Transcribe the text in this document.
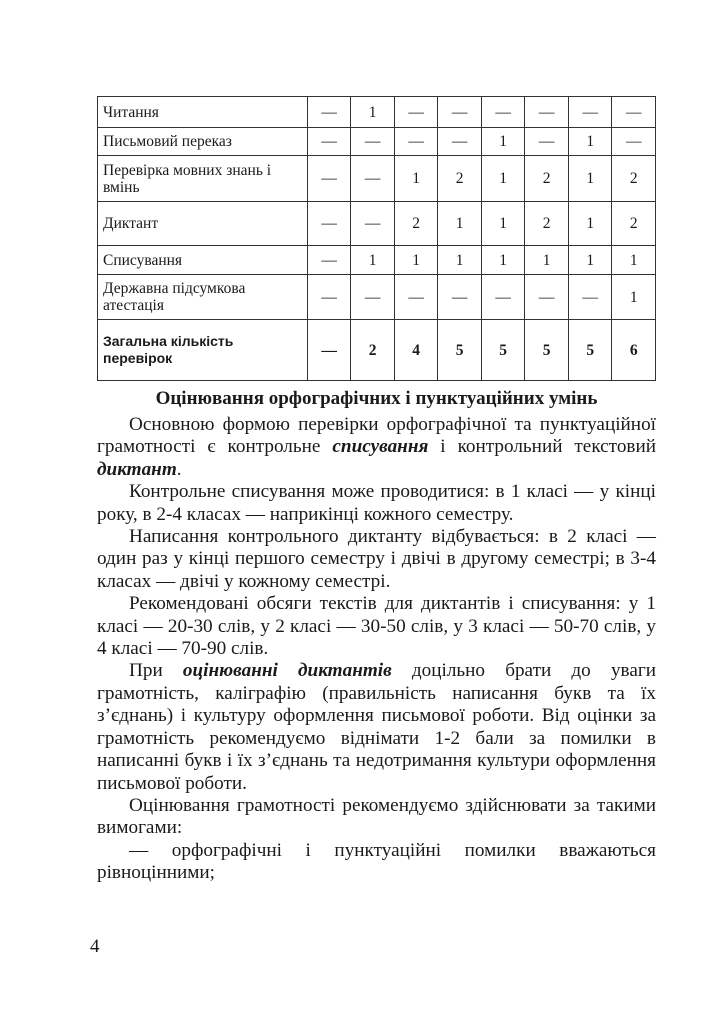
Читання	—	1	—	—	—	—	—	—
Письмовий переказ	—	—	—	—	1	—	1	—
Перевірка мовних знань і вмінь	—	—	1	2	1	2	1	2
Диктант	—	—	2	1	1	2	1	2
Списування	—	1	1	1	1	1	1	1
Державна підсумкова атестація	—	—	—	—	—	—	—	1
Загальна кількість перевірок	—	2	4	5	5	5	5	6
Оцінювання орфографічних і пунктуаційних умінь

Основною формою перевірки орфографічної та пунктуаційної грамотності є контрольне списування і контрольний текстовий диктант.

Контрольне списування може проводитися: в 1 класі — у кінці року, в 2-4 класах — наприкінці кожного семестру.

Написання контрольного диктанту відбувається: в 2 класі — один раз у кінці першого семестру і двічі в другому семестрі; в 3-4 класах — двічі у кожному семестрі.

Рекомендовані обсяги текстів для диктантів і списування: у 1 класі — 20-30 слів, у 2 класі — 30-50 слів, у 3 класі — 50-70 слів, у 4 класі — 70-90 слів.

При оцінюванні диктантів доцільно брати до уваги грамотність, каліграфію (правильність написання букв та їх з’єднань) і культуру оформлення письмової роботи. Від оцінки за грамотність рекомендуємо віднімати 1-2 бали за помилки в написанні букв і їх з’єднань та недотримання культури оформлення письмової роботи.

Оцінювання грамотності рекомендуємо здійснювати за такими вимогами:

— орфографічні і пунктуаційні помилки вважаються рівноцінними;

4
